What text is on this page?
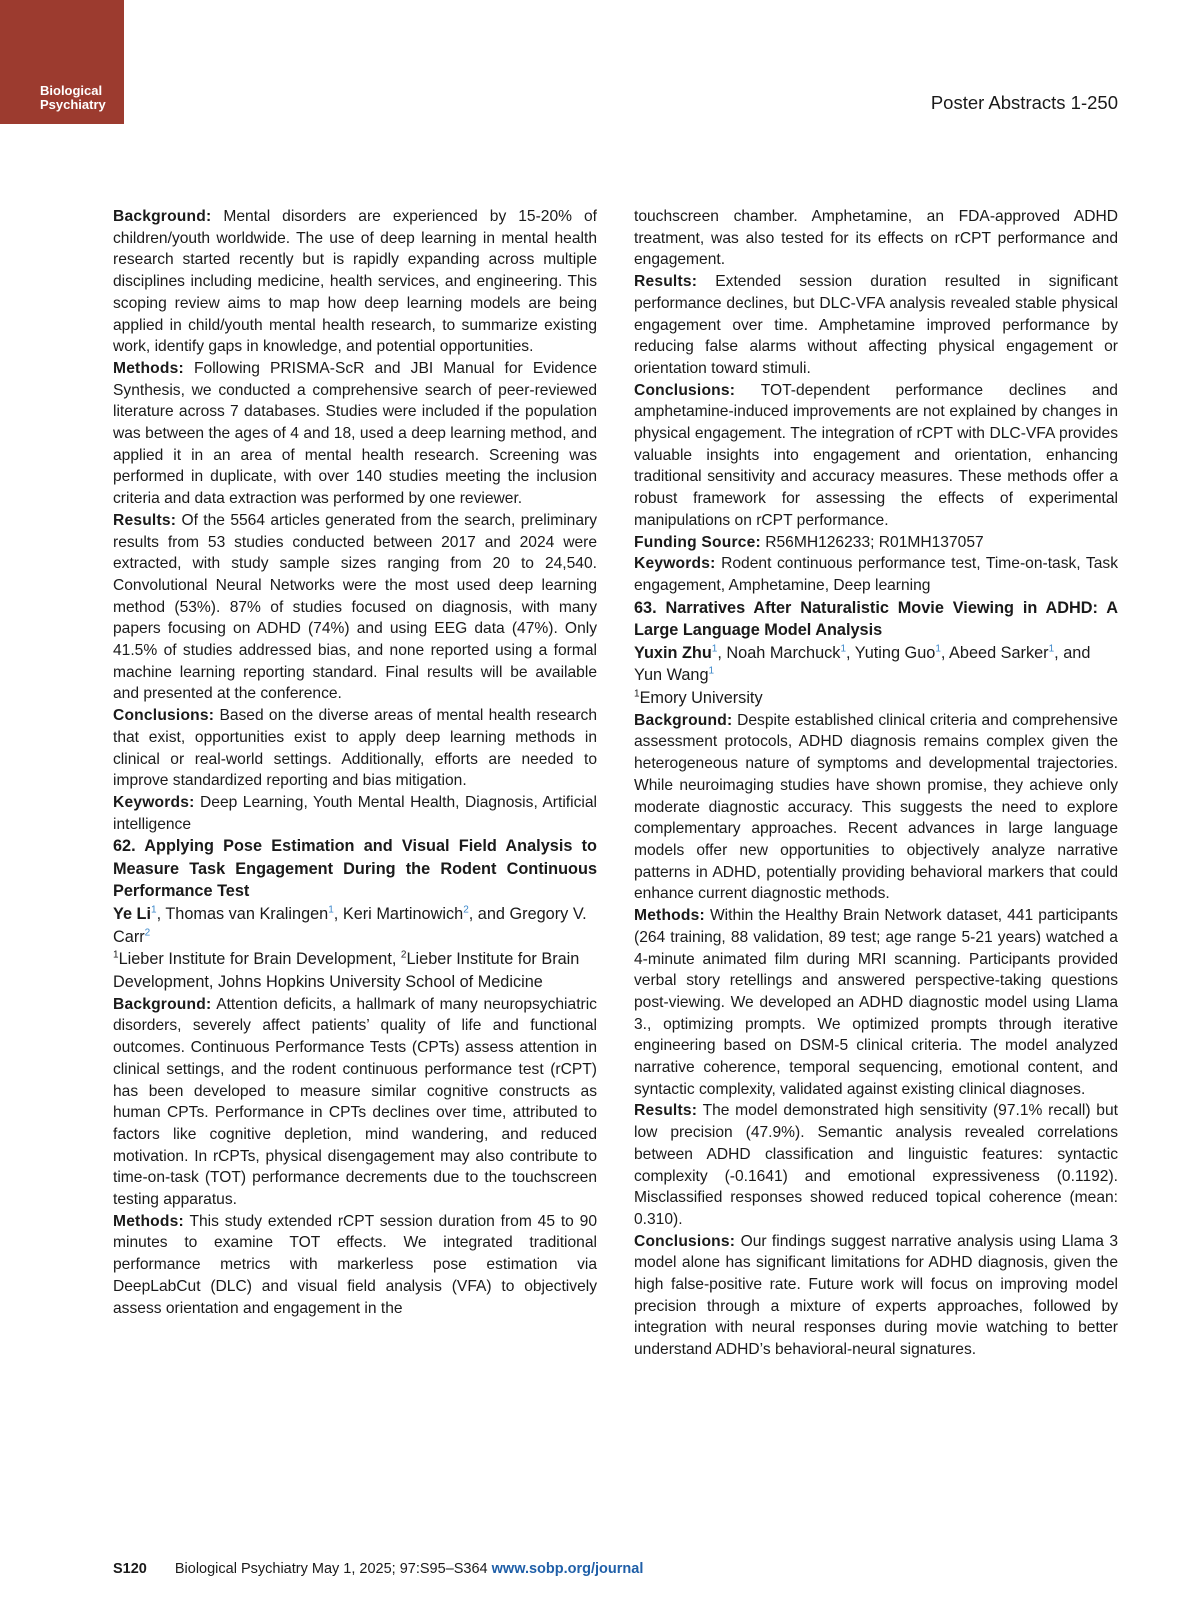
Biological
Psychiatry	Poster Abstracts 1-250

Background: Mental disorders are experienced by 15-20% of children/youth worldwide. The use of deep learning in mental health research started recently but is rapidly expanding across multiple disciplines including medicine, health services, and engineering. This scoping review aims to map how deep learning models are being applied in child/youth mental health research, to summarize existing work, identify gaps in knowledge, and potential opportunities.

Methods: Following PRISMA-ScR and JBI Manual for Evidence Synthesis, we conducted a comprehensive search of peer-reviewed literature across 7 databases. Studies were included if the population was between the ages of 4 and 18, used a deep learning method, and applied it in an area of mental health research. Screening was performed in duplicate, with over 140 studies meeting the inclusion criteria and data extraction was performed by one reviewer.

Results: Of the 5564 articles generated from the search, preliminary results from 53 studies conducted between 2017 and 2024 were extracted, with study sample sizes ranging from 20 to 24,540. Convolutional Neural Networks were the most used deep learning method (53%). 87% of studies focused on diagnosis, with many papers focusing on ADHD (74%) and using EEG data (47%). Only 41.5% of studies addressed bias, and none reported using a formal machine learning reporting standard. Final results will be available and presented at the conference.

Conclusions: Based on the diverse areas of mental health research that exist, opportunities exist to apply deep learning methods in clinical or real-world settings. Additionally, efforts are needed to improve standardized reporting and bias mitigation.

Keywords: Deep Learning, Youth Mental Health, Diagnosis, Artificial intelligence

62. Applying Pose Estimation and Visual Field Analysis to Measure Task Engagement During the Rodent Continuous Performance Test

Ye Li$^1$, Thomas van Kralingen$^1$, Keri Martinowich$^2$, and Gregory V. Carr$^2$

$^1$Lieber Institute for Brain Development, $^2$Lieber Institute for Brain Development, Johns Hopkins University School of Medicine

Background: Attention deficits, a hallmark of many neuropsychiatric disorders, severely affect patients’ quality of life and functional outcomes. Continuous Performance Tests (CPTs) assess attention in clinical settings, and the rodent continuous performance test (rCPT) has been developed to measure similar cognitive constructs as human CPTs. Performance in CPTs declines over time, attributed to factors like cognitive depletion, mind wandering, and reduced motivation. In rCPTs, physical disengagement may also contribute to time-on-task (TOT) performance decrements due to the touchscreen testing apparatus.

Methods: This study extended rCPT session duration from 45 to 90 minutes to examine TOT effects. We integrated traditional performance metrics with markerless pose estimation via DeepLabCut (DLC) and visual field analysis (VFA) to objectively assess orientation and engagement in the

touchscreen chamber. Amphetamine, an FDA-approved ADHD treatment, was also tested for its effects on rCPT performance and engagement.

Results: Extended session duration resulted in significant performance declines, but DLC-VFA analysis revealed stable physical engagement over time. Amphetamine improved performance by reducing false alarms without affecting physical engagement or orientation toward stimuli.

Conclusions: TOT-dependent performance declines and amphetamine-induced improvements are not explained by changes in physical engagement. The integration of rCPT with DLC-VFA provides valuable insights into engagement and orientation, enhancing traditional sensitivity and accuracy measures. These methods offer a robust framework for assessing the effects of experimental manipulations on rCPT performance.

Funding Source: R56MH126233; R01MH137057

Keywords: Rodent continuous performance test, Time-on-task, Task engagement, Amphetamine, Deep learning

63. Narratives After Naturalistic Movie Viewing in ADHD: A Large Language Model Analysis

Yuxin Zhu$^1$, Noah Marchuck$^1$, Yuting Guo$^1$, Abeed Sarker$^1$, and Yun Wang$^1$

$^1$Emory University

Background: Despite established clinical criteria and comprehensive assessment protocols, ADHD diagnosis remains complex given the heterogeneous nature of symptoms and developmental trajectories. While neuroimaging studies have shown promise, they achieve only moderate diagnostic accuracy. This suggests the need to explore complementary approaches. Recent advances in large language models offer new opportunities to objectively analyze narrative patterns in ADHD, potentially providing behavioral markers that could enhance current diagnostic methods.

Methods: Within the Healthy Brain Network dataset, 441 participants (264 training, 88 validation, 89 test; age range 5-21 years) watched a 4-minute animated film during MRI scanning. Participants provided verbal story retellings and answered perspective-taking questions post-viewing. We developed an ADHD diagnostic model using Llama 3., optimizing prompts. We optimized prompts through iterative engineering based on DSM-5 clinical criteria. The model analyzed narrative coherence, temporal sequencing, emotional content, and syntactic complexity, validated against existing clinical diagnoses.

Results: The model demonstrated high sensitivity (97.1% recall) but low precision (47.9%). Semantic analysis revealed correlations between ADHD classification and linguistic features: syntactic complexity (-0.1641) and emotional expressiveness (0.1192). Misclassified responses showed reduced topical coherence (mean: 0.310).

Conclusions: Our findings suggest narrative analysis using Llama 3 model alone has significant limitations for ADHD diagnosis, given the high false-positive rate. Future work will focus on improving model precision through a mixture of experts approaches, followed by integration with neural responses during movie watching to better understand ADHD’s behavioral-neural signatures.

S120 Biological Psychiatry May 1, 2025; 97:S95–S364 www.sobp.org/journal
